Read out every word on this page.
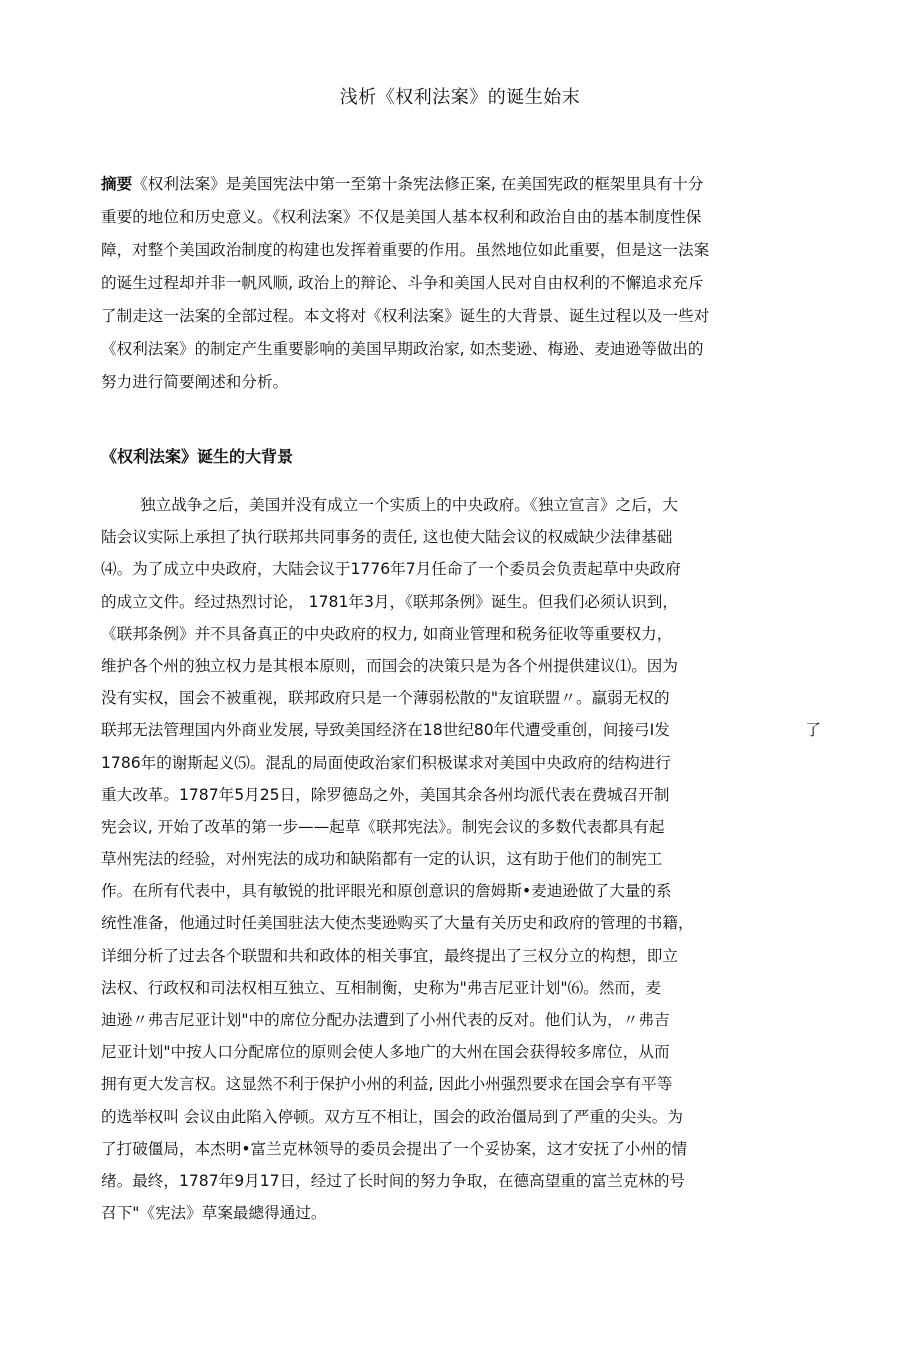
浅析《权利法案》的诞生始末
摘要《权利法案》是美国宪法中第一至第十条宪法修正案, 在美国宪政的框架里具有十分
重要的地位和历史意义。《权利法案》不仅是美国人基本权利和政治自由的基本制度性保
障，对整个美国政治制度的构建也发挥着重要的作用。虽然地位如此重要，但是这一法案
的诞生过程却并非一帆风顺, 政治上的辩论、斗争和美国人民对自由权利的不懈追求充斥
了制走这一法案的全部过程。本文将对《权利法案》诞生的大背景、诞生过程以及一些对
《权利法案》的制定产生重要影响的美国早期政治家, 如杰斐逊、梅逊、麦迪逊等做出的
努力进行简要阐述和分析。
《权利法案》诞生的大背景
独立战争之后，美国并没有成立一个实质上的中央政府。《独立宣言》之后，大
陆会议实际上承担了执行联邦共同事务的责任, 这也使大陆会议的权威缺少法律基础
⑷。为了成立中央政府，大陆会议于1776年7月任命了一个委员会负责起草中央政府
的成立文件。经过热烈讨论， 1781年3月，《联邦条例》诞生。但我们必须认识到，
《联邦条例》并不具备真正的中央政府的权力, 如商业管理和税务征收等重要权力，
维护各个州的独立权力是其根本原则，而国会的决策只是为各个州提供建议⑴。因为
没有实权，国会不被重视，联邦政府只是一个薄弱松散的"友谊联盟〃。羸弱无权的
联邦无法管理国内外商业发展, 导致美国经济在18世纪80年代遭受重创，间接弓I发	了
1786年的谢斯起义⑸。混乱的局面使政治家们积极谋求对美国中央政府的结构进行
重大改革。1787年5月25日，除罗德岛之外，美国其余各州均派代表在费城召开制
宪会议, 开始了改革的第一步——起草《联邦宪法》。制宪会议的多数代表都具有起
草州宪法的经验，对州宪法的成功和缺陷都有一定的认识，这有助于他们的制宪工
作。在所有代表中，具有敏锐的批评眼光和原创意识的詹姆斯•麦迪逊做了大量的系
统性准备，他通过时任美国驻法大使杰斐逊购买了大量有关历史和政府的管理的书籍，
详细分析了过去各个联盟和共和政体的相关事宜，最终提出了三权分立的构想，即立
法权、行政权和司法权相互独立、互相制衡，史称为"弗吉尼亚计划"⑹。然而，麦
迪逊〃弗吉尼亚计划"中的席位分配办法遭到了小州代表的反对。他们认为，〃弗吉
尼亚计划"中按人口分配席位的原则会使人多地广的大州在国会获得较多席位，从而
拥有更大发言权。这显然不利于保护小州的利益, 因此小州强烈要求在国会享有平等
的选举权叫 会议由此陷入停顿。双方互不相让，国会的政治僵局到了严重的尖头。为
了打破僵局，本杰明•富兰克林领导的委员会提出了一个妥协案，这才安抚了小州的情
绪。最终，1787年9月17日，经过了长时间的努力争取，在德高望重的富兰克林的号
召下"《宪法》草案最總得通过。
